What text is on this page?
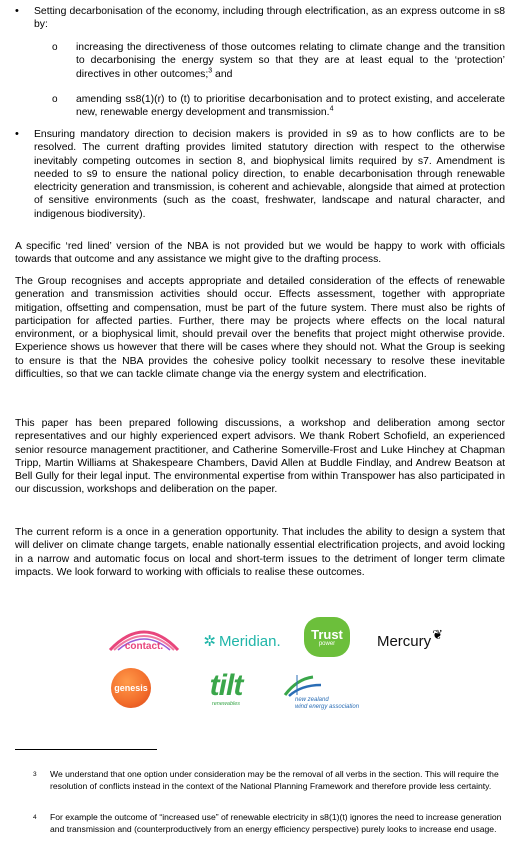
• Setting decarbonisation of the economy, including through electrification, as an express outcome in s8 by:

o increasing the directiveness of those outcomes relating to climate change and the transition to decarbonising the energy system so that they are at least equal to the ‘protection’ directives in other outcomes;$^3$ and

o amending ss8(1)(r) to (t) to prioritise decarbonisation and to protect existing, and accelerate new, renewable energy development and transmission.$^4$

• Ensuring mandatory direction to decision makers is provided in s9 as to how conflicts are to be resolved. The current drafting provides limited statutory direction with respect to the otherwise inevitably competing outcomes in section 8, and biophysical limits required by s7. Amendment is needed to s9 to ensure the national policy direction, to enable decarbonisation through renewable electricity generation and transmission, is coherent and achievable, alongside that aimed at protection of sensitive environments (such as the coast, freshwater, landscape and natural character, and indigenous biodiversity).

A specific ‘red lined’ version of the NBA is not provided but we would be happy to work with officials towards that outcome and any assistance we might give to the drafting process.

The Group recognises and accepts appropriate and detailed consideration of the effects of renewable generation and transmission activities should occur. Effects assessment, together with appropriate mitigation, offsetting and compensation, must be part of the future system. There must also be rights of participation for affected parties. Further, there may be projects where effects on the local natural environment, or a biophysical limit, should prevail over the benefits that project might otherwise provide. Experience shows us however that there will be cases where they should not. What the Group is seeking to ensure is that the NBA provides the cohesive policy toolkit necessary to resolve these inevitable difficulties, so that we can tackle climate change via the energy system and electrification.

This paper has been prepared following discussions, a workshop and deliberation among sector representatives and our highly experienced expert advisors. We thank Robert Schofield, an experienced senior resource management practitioner, and Catherine Somerville-Frost and Luke Hinchey at Chapman Tripp, Martin Williams at Shakespeare Chambers, David Allen at Buddle Findlay, and Andrew Beatson at Bell Gully for their legal input. The environmental expertise from within Transpower has also participated in our discussion, workshops and deliberation on the paper.

The current reform is a once in a generation opportunity. That includes the ability to design a system that will deliver on climate change targets, enable nationally essential electrification projects, and avoid locking in a narrow and automatic focus on local and short-term issues to the detriment of longer term climate impacts. We look forward to working with officials to realise these outcomes.

contact.	✲ Meridian. Trust
power	Mercury ❦
genesis tilt
renewables
new zealand
wind energy association
3 We understand that one option under consideration may be the removal of all verbs in the section. This will require the resolution of conflicts instead in the context of the National Planning Framework and therefore provide less certainty.

4 For example the outcome of “increased use” of renewable electricity in s8(1)(t) ignores the need to increase generation and transmission and (counterproductively from an energy efficiency perspective) purely looks to increase end usage.
